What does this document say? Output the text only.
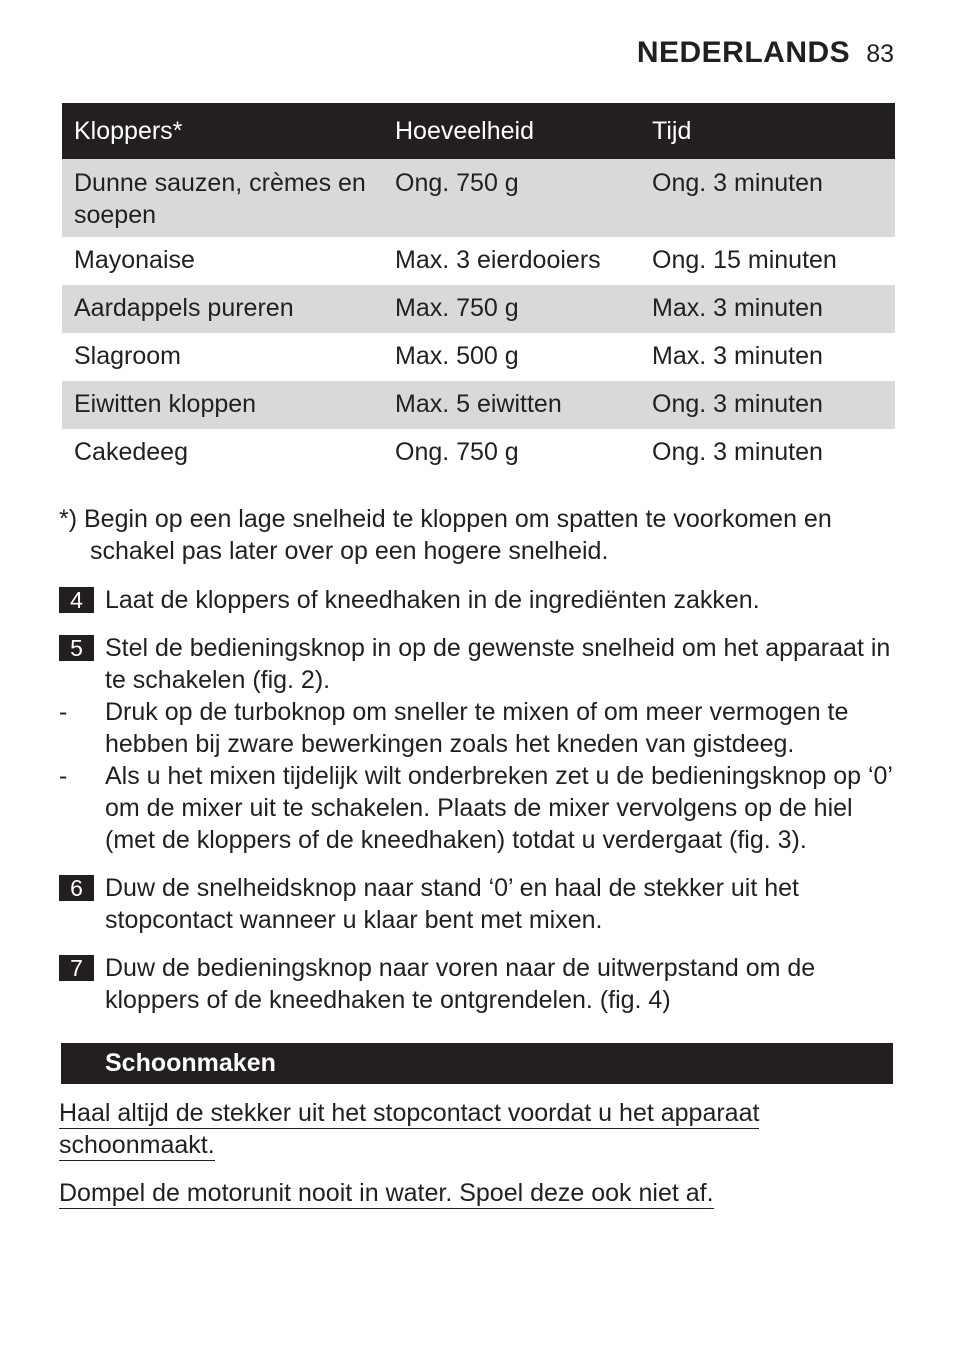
NEDERLANDS 83
Kloppers*	Hoeveelheid	Tijd
Dunne sauzen, crèmes en soepen	Ong. 750 g	Ong. 3 minuten
Mayonaise	Max. 3 eierdooiers	Ong. 15 minuten
Aardappels pureren	Max. 750 g	Max. 3 minuten
Slagroom	Max. 500 g	Max. 3 minuten
Eiwitten kloppen	Max. 5 eiwitten	Ong. 3 minuten
Cakedeeg	Ong. 750 g	Ong. 3 minuten
*) Begin op een lage snelheid te kloppen om spatten te voorkomen en
schakel pas later over op een hogere snelheid.
4 Laat de kloppers of kneedhaken in de ingrediënten zakken.
5 Stel de bedieningsknop in op de gewenste snelheid om het apparaat in te schakelen (fig. 2).
-	Druk op de turboknop om sneller te mixen of om meer vermogen te hebben bij zware bewerkingen zoals het kneden van gistdeeg.
-	Als u het mixen tijdelijk wilt onderbreken zet u de bedieningsknop op ‘0’ om de mixer uit te schakelen. Plaats de mixer vervolgens op de hiel (met de kloppers of de kneedhaken) totdat u verdergaat (fig. 3).
6 Duw de snelheidsknop naar stand ‘0’ en haal de stekker uit het stopcontact wanneer u klaar bent met mixen.
7 Duw de bedieningsknop naar voren naar de uitwerpstand om de kloppers of de kneedhaken te ontgrendelen. (fig. 4)
Schoonmaken
Haal altijd de stekker uit het stopcontact voordat u het apparaat
schoonmaakt.
Dompel de motorunit nooit in water. Spoel deze ook niet af.
